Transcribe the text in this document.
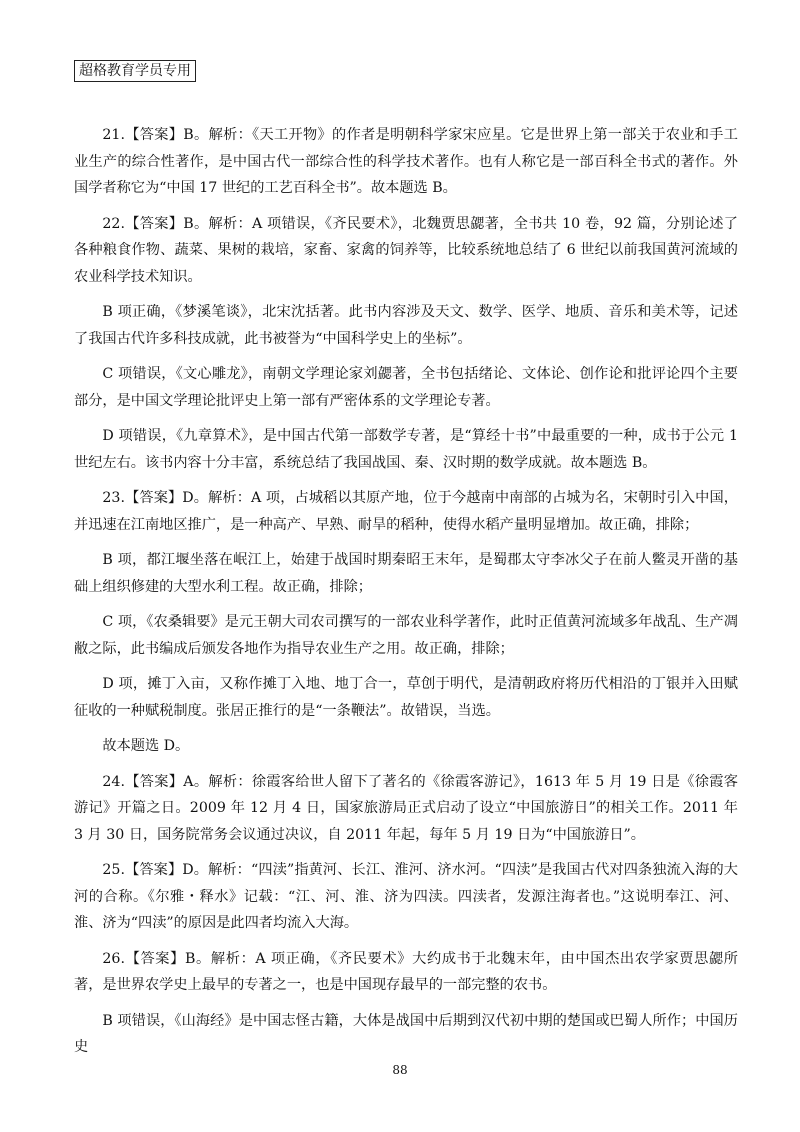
超格教育学员专用

21.【答案】B。解析：《天工开物》的作者是明朝科学家宋应星。它是世界上第一部关于农业和手工业生产的综合性著作，是中国古代一部综合性的科学技术著作。也有人称它是一部百科全书式的著作。外国学者称它为“中国 17 世纪的工艺百科全书”。故本题选 B。

22.【答案】B。解析：A 项错误，《齐民要术》，北魏贾思勰著，全书共 10 卷，92 篇，分别论述了各种粮食作物、蔬菜、果树的栽培，家畜、家禽的饲养等，比较系统地总结了 6 世纪以前我国黄河流域的农业科学技术知识。

B 项正确，《梦溪笔谈》，北宋沈括著。此书内容涉及天文、数学、医学、地质、音乐和美术等，记述了我国古代许多科技成就，此书被誉为“中国科学史上的坐标”。

C 项错误，《文心雕龙》，南朝文学理论家刘勰著，全书包括绪论、文体论、创作论和批评论四个主要部分，是中国文学理论批评史上第一部有严密体系的文学理论专著。

D 项错误，《九章算术》，是中国古代第一部数学专著，是“算经十书”中最重要的一种，成书于公元 1 世纪左右。该书内容十分丰富，系统总结了我国战国、秦、汉时期的数学成就。故本题选 B。

23.【答案】D。解析：A 项，占城稻以其原产地，位于今越南中南部的占城为名，宋朝时引入中国，并迅速在江南地区推广，是一种高产、早熟、耐旱的稻种，使得水稻产量明显增加。故正确，排除；

B 项，都江堰坐落在岷江上，始建于战国时期秦昭王末年，是蜀郡太守李冰父子在前人鳖灵开凿的基础上组织修建的大型水利工程。故正确，排除；

C 项，《农桑辑要》是元王朝大司农司撰写的一部农业科学著作，此时正值黄河流域多年战乱、生产凋敝之际，此书编成后颁发各地作为指导农业生产之用。故正确，排除；

D 项，摊丁入亩，又称作摊丁入地、地丁合一，草创于明代，是清朝政府将历代相沿的丁银并入田赋征收的一种赋税制度。张居正推行的是“一条鞭法”。故错误，当选。

故本题选 D。

24.【答案】A。解析：徐霞客给世人留下了著名的《徐霞客游记》，1613 年 5 月 19 日是《徐霞客游记》开篇之日。2009 年 12 月 4 日，国家旅游局正式启动了设立“中国旅游日”的相关工作。2011 年 3 月 30 日，国务院常务会议通过决议，自 2011 年起，每年 5 月 19 日为“中国旅游日”。

25.【答案】D。解析：“四渎”指黄河、长江、淮河、济水河。“四渎”是我国古代对四条独流入海的大河的合称。《尔雅・释水》记载：“江、河、淮、济为四渎。四渎者，发源注海者也。”这说明奉江、河、淮、济为“四渎”的原因是此四者均流入大海。

26.【答案】B。解析：A 项正确，《齐民要术》大约成书于北魏末年，由中国杰出农学家贾思勰所著，是世界农学史上最早的专著之一，也是中国现存最早的一部完整的农书。

B 项错误，《山海经》是中国志怪古籍，大体是战国中后期到汉代初中期的楚国或巴蜀人所作；中国历史

88
